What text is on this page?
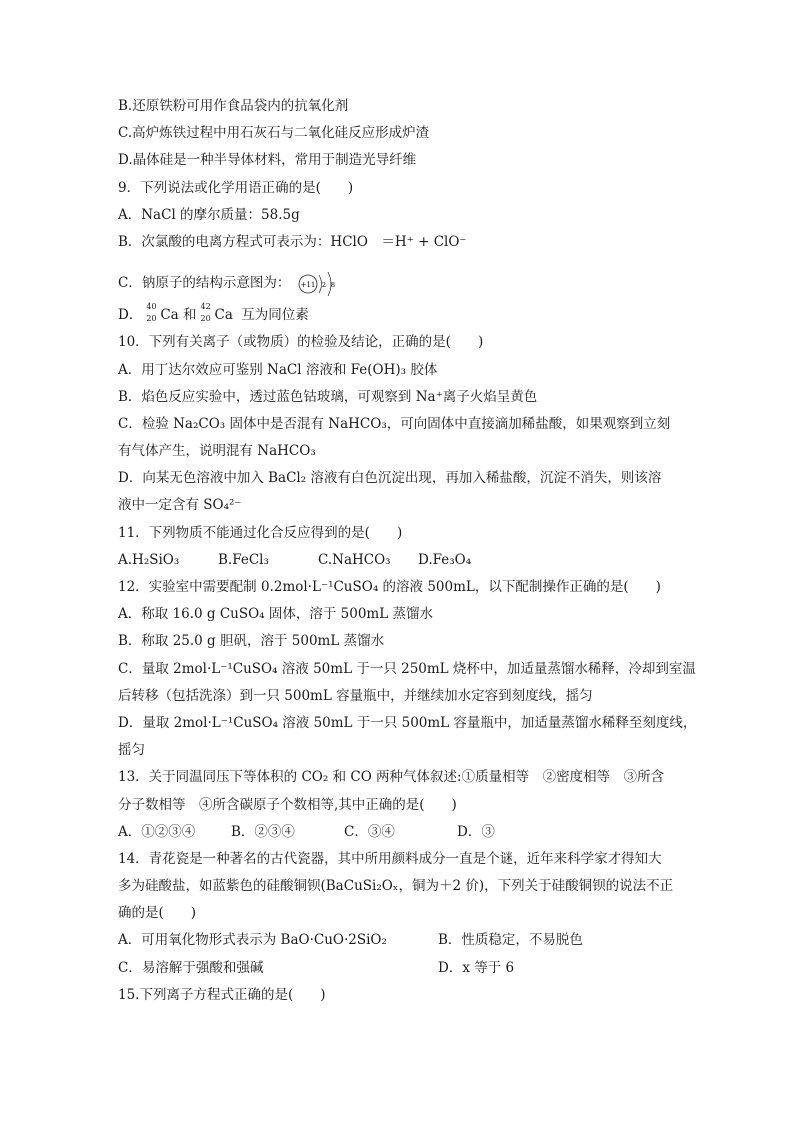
B.还原铁粉可用作食品袋内的抗氧化剂
C.高炉炼铁过程中用石灰石与二氧化硅反应形成炉渣
D.晶体硅是一种半导体材料，常用于制造光导纤维
9．下列说法或化学用语正确的是(　　)
A．NaCl 的摩尔质量：58.5g
B．次氯酸的电离方程式可表示为：HClO　＝H⁺ + ClO⁻
C．钠原子的结构示意图为： +11 2 8
D．
40
20 Ca 和
42
20 Ca 互为同位素
10．下列有关离子（或物质）的检验及结论，正确的是(　　)
A．用丁达尔效应可鉴别 NaCl 溶液和 Fe(OH)₃ 胶体
B．焰色反应实验中，透过蓝色钴玻璃，可观察到 Na⁺离子火焰呈黄色
C．检验 Na₂CO₃ 固体中是否混有 NaHCO₃，可向固体中直接滴加稀盐酸，如果观察到立刻
有气体产生，说明混有 NaHCO₃
D．向某无色溶液中加入 BaCl₂ 溶液有白色沉淀出现，再加入稀盐酸，沉淀不消失，则该溶
液中一定含有 SO₄²⁻
11．下列物质不能通过化合反应得到的是(　　)
A.H₂SiO₃	B.FeCl₃	C.NaHCO₃ D.Fe₃O₄
12．实验室中需要配制 0.2mol·L⁻¹CuSO₄ 的溶液 500mL，以下配制操作正确的是(　　)
A．称取 16.0 g CuSO₄ 固体，溶于 500mL 蒸馏水
B．称取 25.0 g 胆矾，溶于 500mL 蒸馏水
C．量取 2mol·L⁻¹CuSO₄ 溶液 50mL 于一只 250mL 烧杯中，加适量蒸馏水稀释，冷却到室温
后转移（包括洗涤）到一只 500mL 容量瓶中，并继续加水定容到刻度线，摇匀
D．量取 2mol·L⁻¹CuSO₄ 溶液 50mL 于一只 500mL 容量瓶中，加适量蒸馏水稀释至刻度线，
摇匀
13．关于同温同压下等体积的 CO₂ 和 CO 两种气体叙述:①质量相等　②密度相等　③所含
分子数相等　④所含碳原子个数相等,其中正确的是(　　)
A．①②③④	B．②③④	C．③④	D．③
14．青花瓷是一种著名的古代瓷器，其中所用颜料成分一直是个谜，近年来科学家才得知大
多为硅酸盐，如蓝紫色的硅酸铜钡(BaCuSi₂Oₓ，铜为＋2 价)，下列关于硅酸铜钡的说法不正
确的是(　　)
A．可用氧化物形式表示为 BaO·CuO·2SiO₂	B．性质稳定，不易脱色
C．易溶解于强酸和强碱	D．x 等于 6
15.下列离子方程式正确的是(　　)
